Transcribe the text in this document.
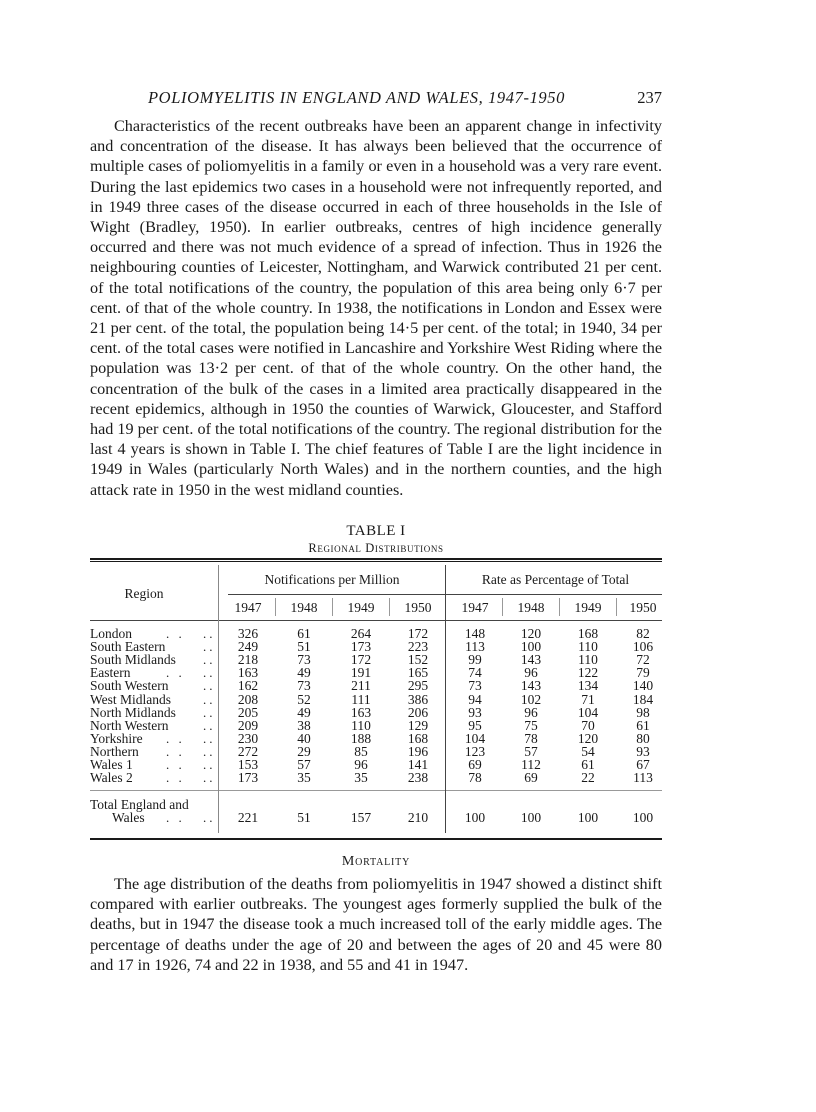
POLIOMYELITIS IN ENGLAND AND WALES, 1947-1950	237

Characteristics of the recent outbreaks have been an apparent change in infectivity and concentration of the disease. It has always been believed that the occurrence of multiple cases of poliomyelitis in a family or even in a household was a very rare event. During the last epidemics two cases in a household were not infrequently reported, and in 1949 three cases of the disease occurred in each of three households in the Isle of Wight (Bradley, 1950). In earlier outbreaks, centres of high incidence generally occurred and there was not much evidence of a spread of infection. Thus in 1926 the neighbouring counties of Leicester, Nottingham, and Warwick contributed 21 per cent. of the total notifications of the country, the population of this area being only 6·7 per cent. of that of the whole country. In 1938, the notifications in London and Essex were 21 per cent. of the total, the population being 14·5 per cent. of the total; in 1940, 34 per cent. of the total cases were notified in Lancashire and Yorkshire West Riding where the population was 13·2 per cent. of that of the whole country. On the other hand, the concentration of the bulk of the cases in a limited area practically disappeared in the recent epidemics, although in 1950 the counties of Warwick, Gloucester, and Stafford had 19 per cent. of the total notifications of the country. The regional distribution for the last 4 years is shown in Table I. The chief features of Table I are the light incidence in 1949 in Wales (particularly North Wales) and in the northern counties, and the high attack rate in 1950 in the west midland counties.

TABLE I
Regional Distributions
Region
Notifications per Million	Rate as Percentage of Total
1947	1948	1949	1950	1947	1948	1949	1950
London	. . ..	326	61	264	172	148	120	168	82
South Eastern	..	249	51	173	223	113	100	110	106
South Midlands ..	218	73	172	152	99	143	110	72
Eastern	. . ..	163	49	191	165	74	96	122	79
South Western	..	162	73	211	295	73	143	134	140
West Midlands ..	208	52	111	386	94	102	71	184
North Midlands ..	205	49	163	206	93	96	104	98
North Western	..	209	38	110	129	95	75	70	61
Yorkshire . . ..	230	40	188	168	104	78	120	80
Northern . . ..	272	29	85	196	123	57	54	93
Wales 1	. . ..	153	57	96	141	69	112	61	67
Wales 2	. . ..	173	35	35	238	78	69	22	113
Total England and
Wales . . ..	221	51	157	210	100	100	100	100
Mortality

The age distribution of the deaths from poliomyelitis in 1947 showed a distinct shift compared with earlier outbreaks. The youngest ages formerly supplied the bulk of the deaths, but in 1947 the disease took a much increased toll of the early middle ages. The percentage of deaths under the age of 20 and between the ages of 20 and 45 were 80 and 17 in 1926, 74 and 22 in 1938, and 55 and 41 in 1947.
